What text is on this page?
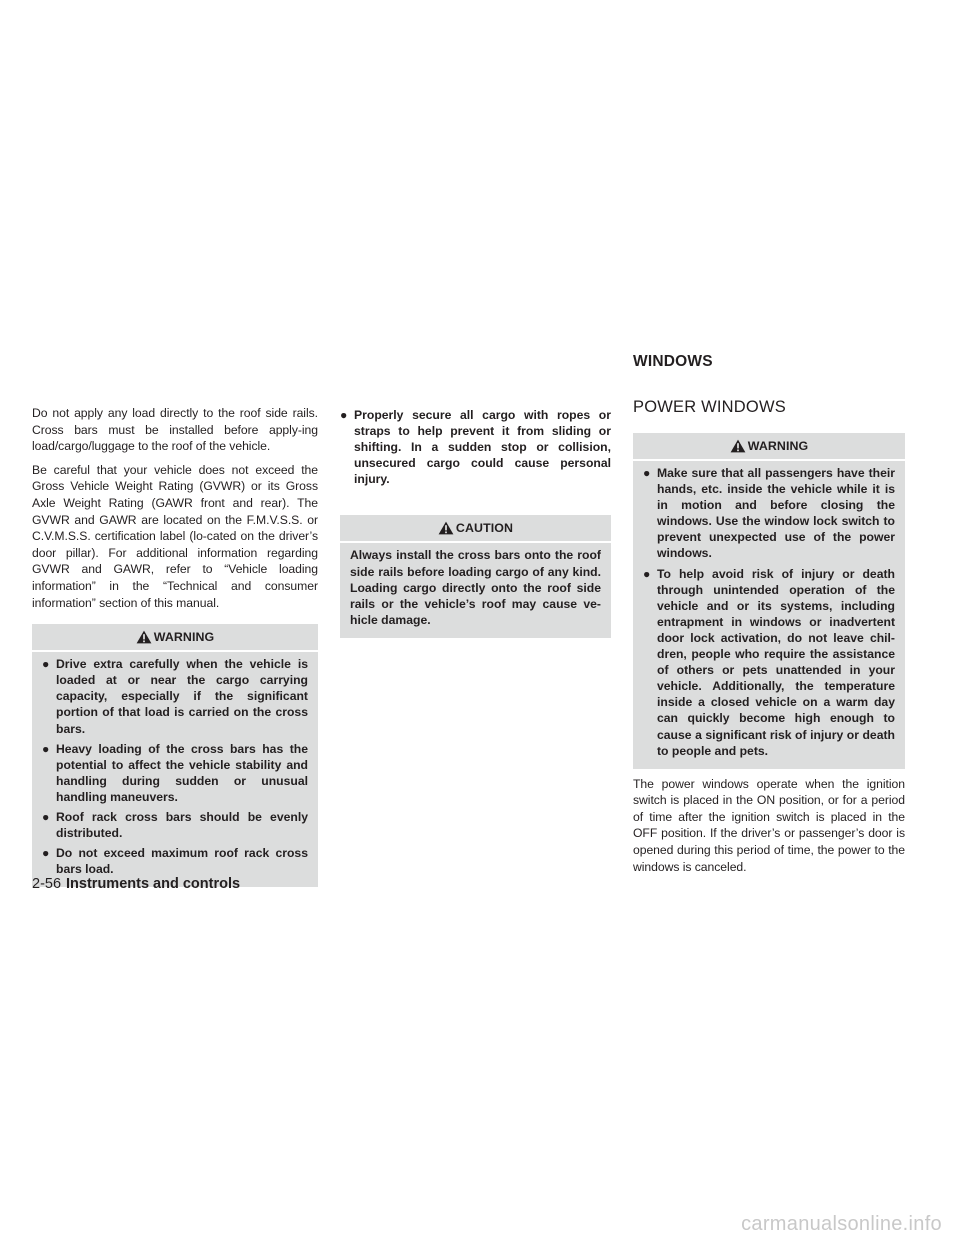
Do not apply any load directly to the roof side rails. Cross bars must be installed before apply-ing load/cargo/luggage to the roof of the vehicle.

Be careful that your vehicle does not exceed the Gross Vehicle Weight Rating (GVWR) or its Gross Axle Weight Rating (GAWR front and rear). The GVWR and GAWR are located on the F.M.V.S.S. or C.V.M.S.S. certification label (lo-cated on the driver’s door pillar). For additional information regarding GVWR and GAWR, refer to “Vehicle loading information” in the “Technical and consumer information” section of this manual.

WARNING
● Drive extra carefully when the vehicle is loaded at or near the cargo carrying capacity, especially if the significant portion of that load is carried on the cross bars.
● Heavy loading of the cross bars has the potential to affect the vehicle stability and handling during sudden or unusual handling maneuvers.
● Roof rack cross bars should be evenly distributed.
● Do not exceed maximum roof rack cross bars load.
● Properly secure all cargo with ropes or straps to help prevent it from sliding or shifting. In a sudden stop or collision, unsecured cargo could cause personal injury.
CAUTION

Always install the cross bars onto the roof side rails before loading cargo of any kind. Loading cargo directly onto the roof side rails or the vehicle’s roof may cause ve-hicle damage.

WINDOWS
POWER WINDOWS
WARNING
● Make sure that all passengers have their hands, etc. inside the vehicle while it is in motion and before closing the windows. Use the window lock switch to prevent unexpected use of the power windows.
● To help avoid risk of injury or death through unintended operation of the vehicle and or its systems, including entrapment in windows or inadvertent door lock activation, do not leave chil-dren, people who require the assistance of others or pets unattended in your vehicle. Additionally, the temperature inside a closed vehicle on a warm day can quickly become high enough to cause a significant risk of injury or death to people and pets.

The power windows operate when the ignition switch is placed in the ON position, or for a period of time after the ignition switch is placed in the OFF position. If the driver’s or passenger’s door is opened during this period of time, the power to the windows is canceled.

2-56 Instruments and controls
carmanualsonline.info
